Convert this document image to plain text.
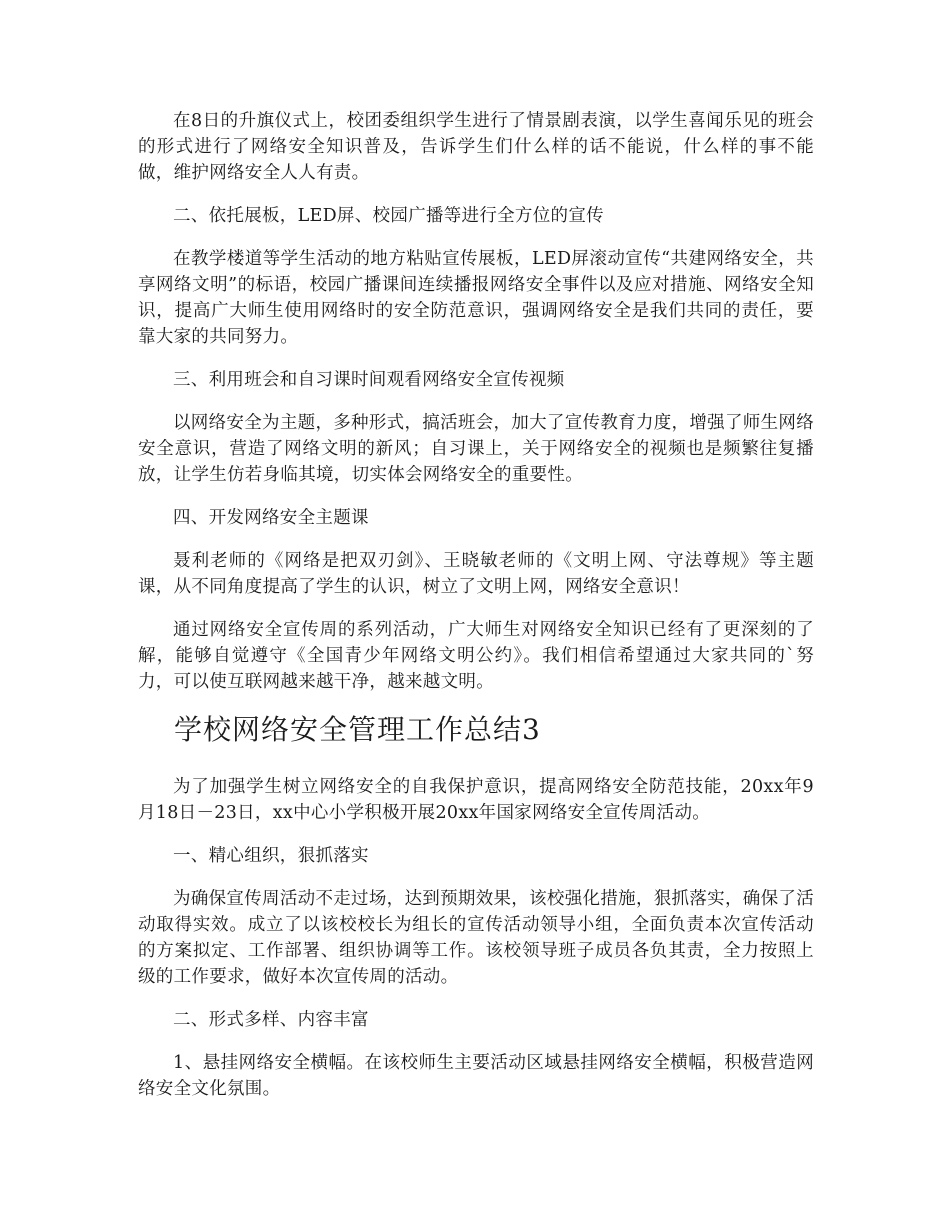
在8日的升旗仪式上，校团委组织学生进行了情景剧表演，以学生喜闻乐见的班会的形式进行了网络安全知识普及，告诉学生们什么样的话不能说，什么样的事不能做，维护网络安全人人有责。

二、依托展板，LED屏、校园广播等进行全方位的宣传

在教学楼道等学生活动的地方粘贴宣传展板，LED屏滚动宣传“共建网络安全，共享网络文明”的标语，校园广播课间连续播报网络安全事件以及应对措施、网络安全知识，提高广大师生使用网络时的安全防范意识，强调网络安全是我们共同的责任，要靠大家的共同努力。

三、利用班会和自习课时间观看网络安全宣传视频

以网络安全为主题，多种形式，搞活班会，加大了宣传教育力度，增强了师生网络安全意识，营造了网络文明的新风；自习课上，关于网络安全的视频也是频繁往复播放，让学生仿若身临其境，切实体会网络安全的重要性。

四、开发网络安全主题课

聂利老师的《网络是把双刃剑》、王晓敏老师的《文明上网、守法尊规》等主题课，从不同角度提高了学生的认识，树立了文明上网，网络安全意识！

通过网络安全宣传周的系列活动，广大师生对网络安全知识已经有了更深刻的了解，能够自觉遵守《全国青少年网络文明公约》。我们相信希望通过大家共同的`努力，可以使互联网越来越干净，越来越文明。

学校网络安全管理工作总结3

为了加强学生树立网络安全的自我保护意识，提高网络安全防范技能，20xx年9月18日－23日，xx中心小学积极开展20xx年国家网络安全宣传周活动。

一、精心组织，狠抓落实

为确保宣传周活动不走过场，达到预期效果，该校强化措施，狠抓落实，确保了活动取得实效。成立了以该校校长为组长的宣传活动领导小组，全面负责本次宣传活动的方案拟定、工作部署、组织协调等工作。该校领导班子成员各负其责，全力按照上级的工作要求，做好本次宣传周的活动。

二、形式多样、内容丰富

1、悬挂网络安全横幅。在该校师生主要活动区域悬挂网络安全横幅，积极营造网络安全文化氛围。
